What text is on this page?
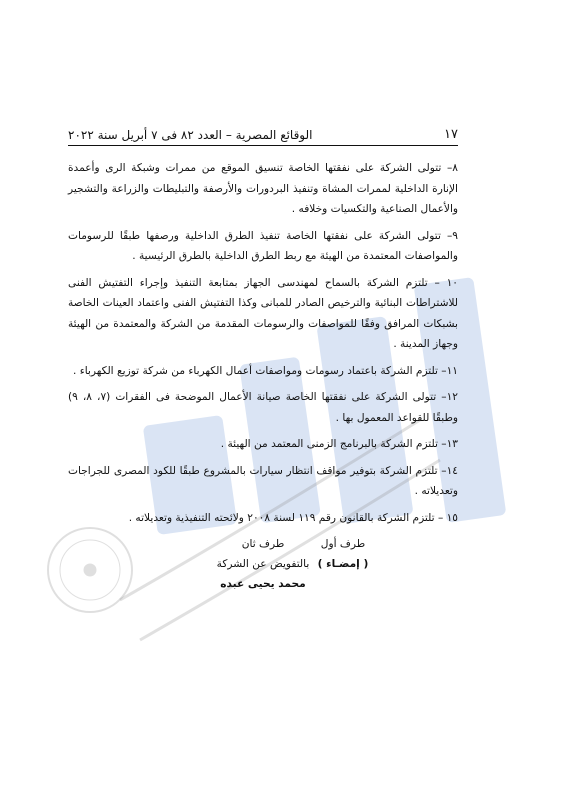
١٧
الوقائع المصرية – العدد ٨٢ فى ٧ أبريل سنة ٢٠٢٢

٨– تتولى الشركة على نفقتها الخاصة تنسيق الموقع من ممرات وشبكة الرى وأعمدة الإنارة الداخلية لممرات المشاة وتنفيذ البردورات والأرصفة والتبليطات والزراعة والتشجير والأعمال الصناعية والتكسيات وخلافه .

٩– تتولى الشركة على نفقتها الخاصة تنفيذ الطرق الداخلية ورصفها طبقًا للرسومات والمواصفات المعتمدة من الهيئة مع ربط الطرق الداخلية بالطرق الرئيسية .

١٠ – تلتزم الشركة بالسماح لمهندسى الجهاز بمتابعة التنفيذ وإجراء التفتيش الفنى للاشتراطات البنائية والترخيص الصادر للمبانى وكذا التفتيش الفنى واعتماد العينات الخاصة بشبكات المرافق وفقًا للمواصفات والرسومات المقدمة من الشركة والمعتمدة من الهيئة وجهاز المدينة .

١١– تلتزم الشركة باعتماد رسومات ومواصفات أعمال الكهرباء من شركة توزيع الكهرباء .

١٢– تتولى الشركة على نفقتها الخاصة صيانة الأعمال الموضحة فى الفقرات (٧، ٨، ٩) وطبقًا للقواعد المعمول بها .

١٣– تلتزم الشركة بالبرنامج الزمنى المعتمد من الهيئة .

١٤– تلتزم الشركة بتوفير مواقف انتظار سيارات بالمشروع طبقًا للكود المصرى للجراجات وتعديلاته .

١٥ – تلتزم الشركة بالقانون رقم ١١٩ لسنة ٢٠٠٨ ولائحته التنفيذية وتعديلاته .

طرف أول
( إمضـاء )
طرف ثان
بالتفويض عن الشركة
محمد يحيى عبده
